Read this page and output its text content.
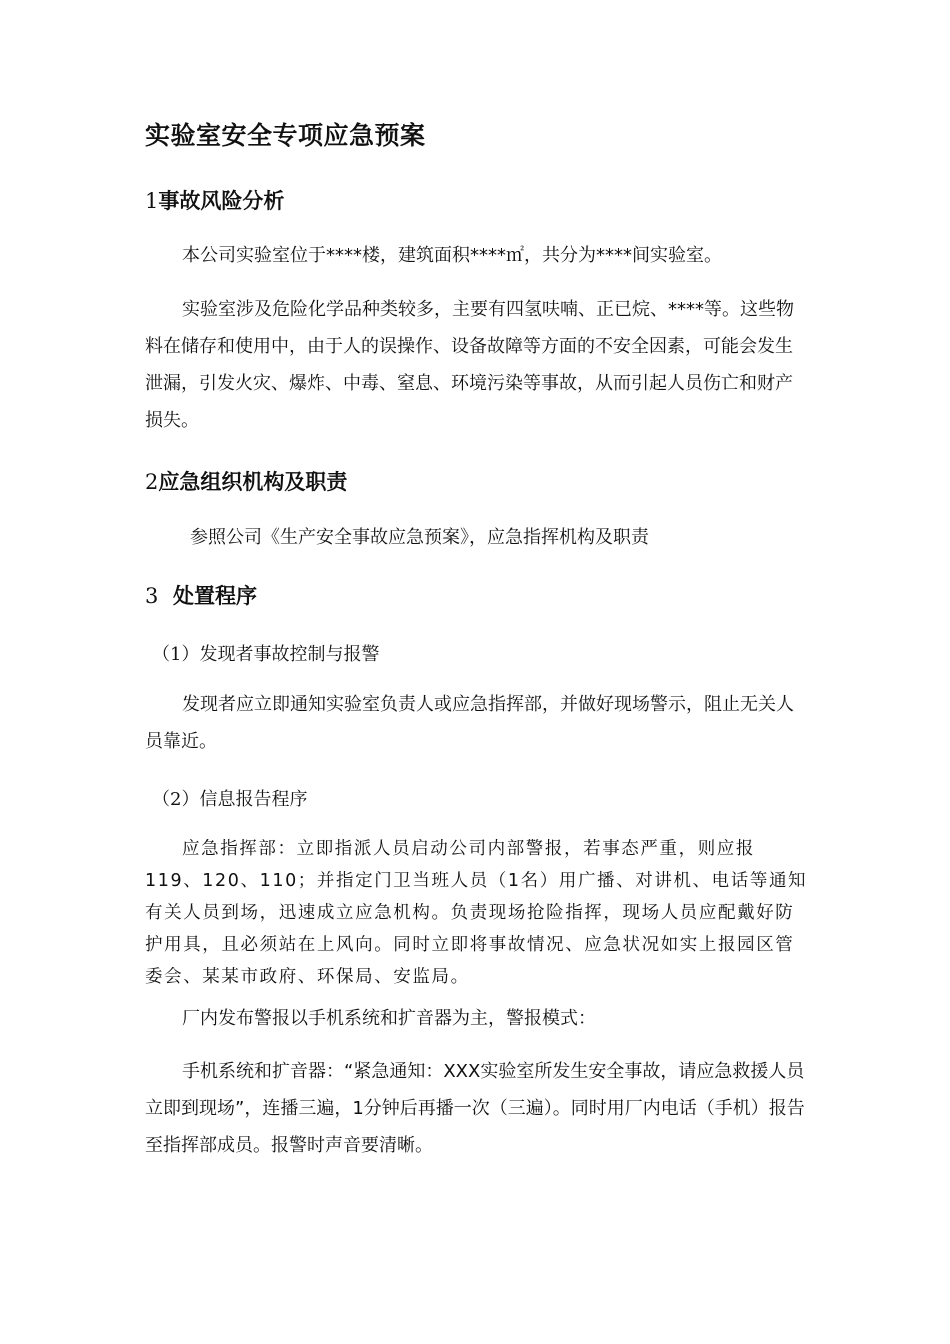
实验室安全专项应急预案
1事故风险分析

本公司实验室位于****楼，建筑面积****㎡，共分为****间实验室。

实验室涉及危险化学品种类较多，主要有四氢呋喃、正已烷、****等。这些物料在储存和使用中，由于人的误操作、设备故障等方面的不安全因素，可能会发生泄漏，引发火灾、爆炸、中毒、窒息、环境污染等事故，从而引起人员伤亡和财产损失。

2应急组织机构及职责

参照公司《生产安全事故应急预案》，应急指挥机构及职责

3 处置程序
（1）发现者事故控制与报警

发现者应立即通知实验室负责人或应急指挥部，并做好现场警示，阻止无关人员靠近。

（2）信息报告程序

应急指挥部：立即指派人员启动公司内部警报，若事态严重，则应报119、120、110；并指定门卫当班人员（1名）用广播、对讲机、电话等通知有关人员到场，迅速成立应急机构。负责现场抢险指挥，现场人员应配戴好防护用具，且必须站在上风向。同时立即将事故情况、应急状况如实上报园区管委会、某某市政府、环保局、安监局。

厂内发布警报以手机系统和扩音器为主，警报模式：

手机系统和扩音器：“紧急通知：XXX实验室所发生安全事故，请应急救援人员立即到现场”，连播三遍，1分钟后再播一次（三遍）。同时用厂内电话（手机）报告至指挥部成员。报警时声音要清晰。
